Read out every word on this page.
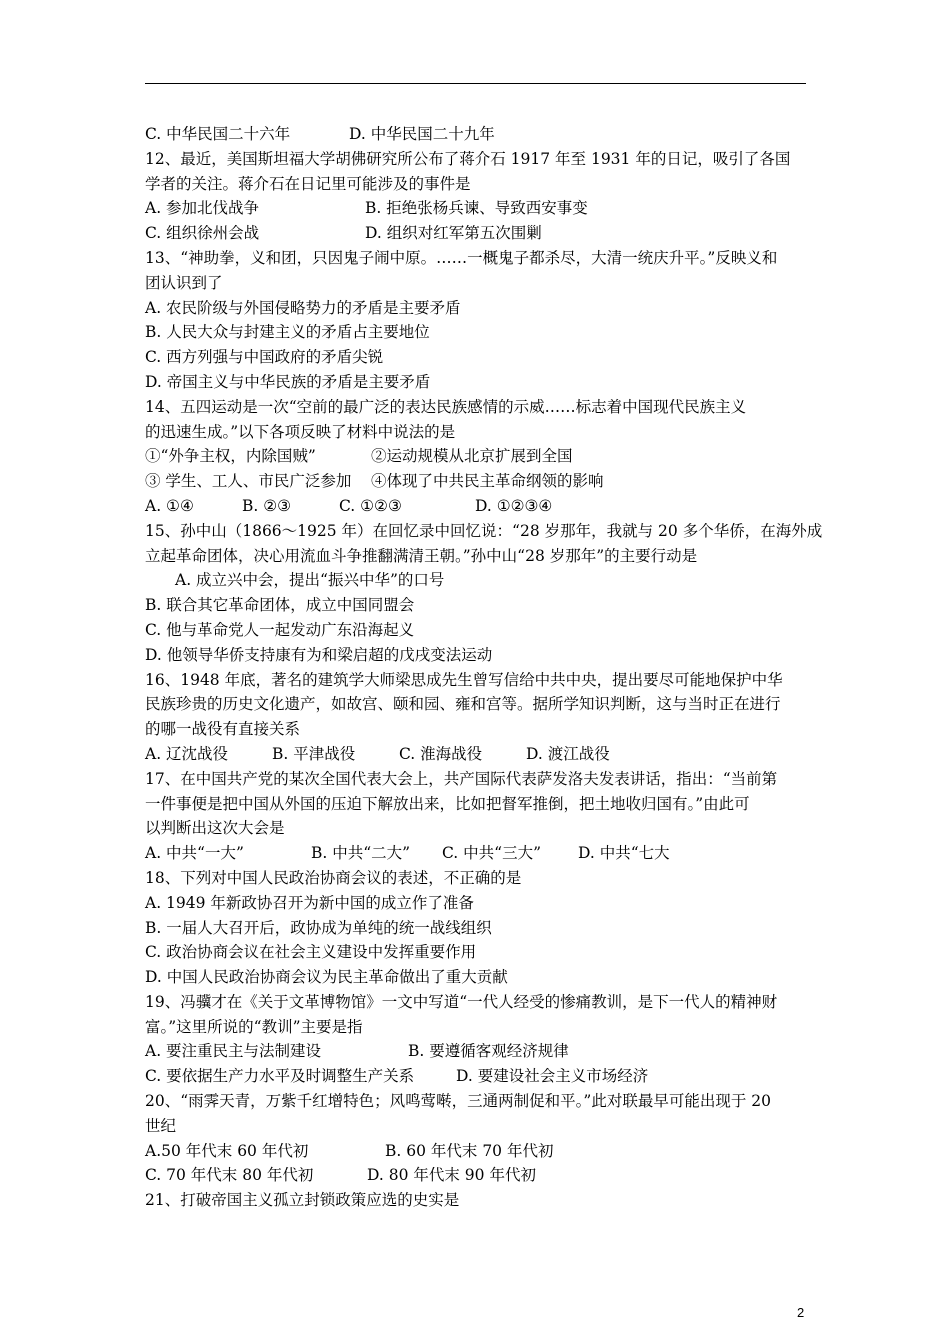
C. 中华民国二十六年	D. 中华民国二十九年
12、最近，美国斯坦福大学胡佛研究所公布了蒋介石 1917 年至 1931 年的日记，吸引了各国
学者的关注。蒋介石在日记里可能涉及的事件是
A. 参加北伐战争	B. 拒绝张杨兵谏、导致西安事变
C. 组织徐州会战	D. 组织对红军第五次围剿
13、“神助拳，义和团，只因鬼子闹中原。……一概鬼子都杀尽，大清一统庆升平。”反映义和
团认识到了
A. 农民阶级与外国侵略势力的矛盾是主要矛盾
B. 人民大众与封建主义的矛盾占主要地位
C. 西方列强与中国政府的矛盾尖锐
D. 帝国主义与中华民族的矛盾是主要矛盾
14、五四运动是一次“空前的最广泛的表达民族感情的示威……标志着中国现代民族主义
的迅速生成。”以下各项反映了材料中说法的是
①“外争主权，内除国贼”	②运动规模从北京扩展到全国
③ 学生、工人、市民广泛参加 ④体现了中共民主革命纲领的影响
A. ①④	B. ②③	C. ①②③	D. ①②③④
15、孙中山（1866～1925 年）在回忆录中回忆说：“28 岁那年，我就与 20 多个华侨，在海外成
立起革命团体，决心用流血斗争推翻满清王朝。”孙中山“28 岁那年”的主要行动是
A. 成立兴中会，提出“振兴中华”的口号
B. 联合其它革命团体，成立中国同盟会
C. 他与革命党人一起发动广东沿海起义
D. 他领导华侨支持康有为和梁启超的戊戌变法运动
16、1948 年底，著名的建筑学大师梁思成先生曾写信给中共中央，提出要尽可能地保护中华
民族珍贵的历史文化遗产，如故宫、颐和园、雍和宫等。据所学知识判断，这与当时正在进行
的哪一战役有直接关系
A. 辽沈战役	B. 平津战役	C. 淮海战役	D. 渡江战役
17、在中国共产党的某次全国代表大会上，共产国际代表萨发洛夫发表讲话，指出：“当前第
一件事便是把中国从外国的压迫下解放出来，比如把督军推倒，把土地收归国有。”由此可
以判断出这次大会是
A. 中共“一大”	B. 中共“二大” C. 中共“三大” D. 中共“七大
18、下列对中国人民政治协商会议的表述，不正确的是
A. 1949 年新政协召开为新中国的成立作了准备
B. 一届人大召开后，政协成为单纯的统一战线组织
C. 政治协商会议在社会主义建设中发挥重要作用
D. 中国人民政治协商会议为民主革命做出了重大贡献
19、冯骥才在《关于文革博物馆》一文中写道“一代人经受的惨痛教训，是下一代人的精神财
富。”这里所说的“教训”主要是指
A. 要注重民主与法制建设	B. 要遵循客观经济规律
C. 要依据生产力水平及时调整生产关系	D. 要建设社会主义市场经济
20、“雨霁天青，万紫千红增特色；风鸣莺啭，三通两制促和平。”此对联最早可能出现于 20
世纪
A.50 年代末 60 年代初	B. 60 年代末 70 年代初
C. 70 年代末 80 年代初	D. 80 年代末 90 年代初
21、打破帝国主义孤立封锁政策应选的史实是
2
